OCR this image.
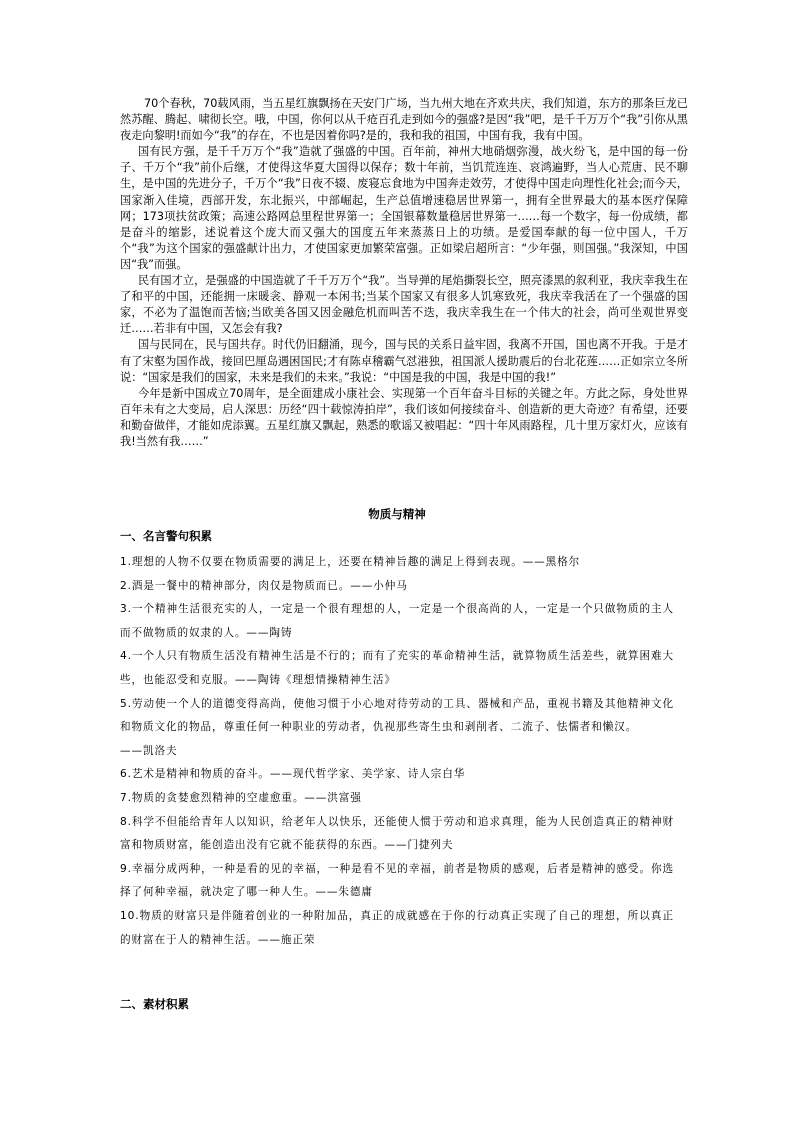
70个春秋，70载风雨，当五星红旗飘扬在天安门广场，当九州大地在齐欢共庆，我们知道，东方的那条巨龙已然苏醒、腾起、啸彻长空。哦，中国，你何以从千疮百孔走到如今的强盛?是因“我”吧，是千千万万个“我”引你从黑夜走向黎明!而如今“我”的存在，不也是因着你吗?是的，我和我的祖国，中国有我，我有中国。

国有民方强，是千千万万个“我”造就了强盛的中国。百年前，神州大地硝烟弥漫，战火纷飞，是中国的每一份子、千万个“我”前仆后继，才使得这华夏大国得以保存；数十年前，当饥荒连连、哀鸿遍野，当人心荒唐、民不聊生，是中国的先进分子，千万个“我”日夜不辍、废寝忘食地为中国奔走效劳，才使得中国走向理性化社会;而今天，国家渐入佳境，西部开发，东北振兴，中部崛起，生产总值增速稳居世界第一，拥有全世界最大的基本医疗保障网；173项扶贫政策；高速公路网总里程世界第一；全国银幕数量稳居世界第一……每一个数字，每一份成绩，都是奋斗的缩影，述说着这个庞大而又强大的国度五年来蒸蒸日上的功绩。是爱国奉献的每一位中国人，千万个“我”为这个国家的强盛献计出力，才使国家更加繁荣富强。正如梁启超所言：“少年强，则国强。”我深知，中国因“我”而强。

民有国才立，是强盛的中国造就了千千万万个“我”。当导弹的尾焰撕裂长空，照亮漆黑的叙利亚，我庆幸我生在了和平的中国，还能拥一床暖衾、静观一本闲书;当某个国家又有很多人饥寒致死，我庆幸我活在了一个强盛的国家，不必为了温饱而苦恼;当欧美各国又因金融危机而叫苦不迭，我庆幸我生在一个伟大的社会，尚可坐观世界变迁……若非有中国，又怎会有我?

国与民同在，民与国共存。时代仍旧翻涌，现今，国与民的关系日益牢固，我离不开国，国也离不开我。于是才有了宋壑为国作战，接回巴厘岛遇困国民;才有陈卓稽霸气怼港独，祖国派人援助震后的台北花莲……正如宗立冬所说：“国家是我们的国家，未来是我们的未来。”我说：“中国是我的中国，我是中国的我!”

今年是新中国成立70周年，是全面建成小康社会、实现第一个百年奋斗目标的关键之年。方此之际，身处世界百年未有之大变局，启人深思：历经“四十载惊涛拍岸”，我们该如何接续奋斗、创造新的更大奇迹？有希望，还要和勤奋做伴，才能如虎添翼。五星红旗又飘起，熟悉的歌谣又被唱起：“四十年风雨路程，几十里万家灯火，应该有我!当然有我……”

物质与精神
一、名言警句积累

1.理想的人物不仅要在物质需要的满足上，还要在精神旨趣的满足上得到表现。——黑格尔

2.酒是一餐中的精神部分，肉仅是物质而已。——小仲马

3.一个精神生活很充实的人，一定是一个很有理想的人，一定是一个很高尚的人，一定是一个只做物质的主人而不做物质的奴隶的人。——陶铸

4.一个人只有物质生活没有精神生活是不行的；而有了充实的革命精神生活，就算物质生活差些，就算困难大些，也能忍受和克服。——陶铸《理想情操精神生活》

5.劳动使一个人的道德变得高尚，使他习惯于小心地对待劳动的工具、器械和产品，重视书籍及其他精神文化和物质文化的物品，尊重任何一种职业的劳动者，仇视那些寄生虫和剥削者、二流子、怯懦者和懒汉。

——凯洛夫

6.艺术是精神和物质的奋斗。——现代哲学家、美学家、诗人宗白华

7.物质的贪婪愈烈精神的空虚愈重。——洪富强

8.科学不但能给青年人以知识，给老年人以快乐，还能使人惯于劳动和追求真理，能为人民创造真正的精神财富和物质财富，能创造出没有它就不能获得的东西。——门捷列夫

9.幸福分成两种，一种是看的见的幸福，一种是看不见的幸福，前者是物质的感观，后者是精神的感受。你选择了何种幸福，就决定了哪一种人生。——朱德庸

10.物质的财富只是伴随着创业的一种附加品，真正的成就感在于你的行动真正实现了自己的理想，所以真正的财富在于人的精神生活。——施正荣

二、素材积累
